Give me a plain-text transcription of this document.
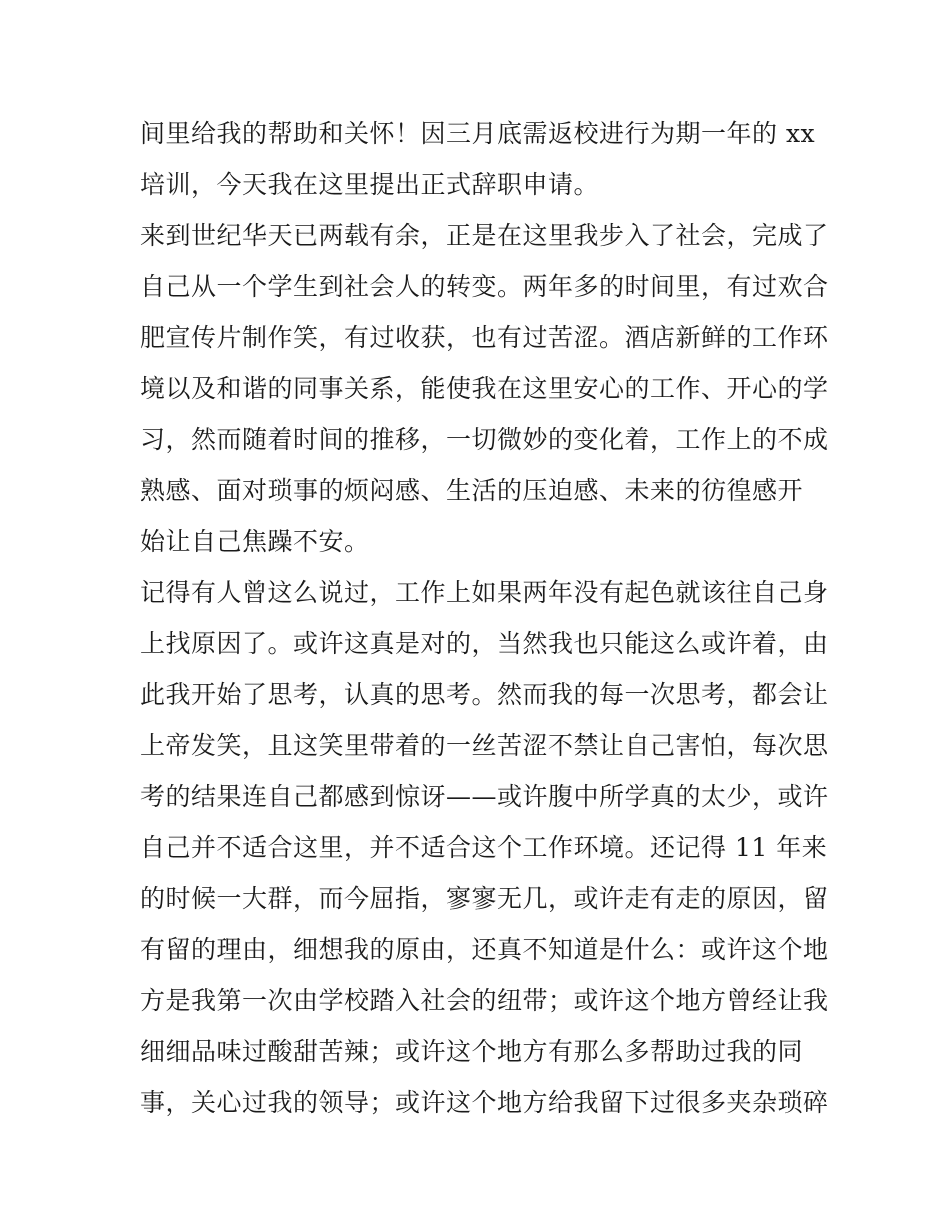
间里给我的帮助和关怀！因三月底需返校进行为期一年的 xx
培训，今天我在这里提出正式辞职申请。
来到世纪华天已两载有余，正是在这里我步入了社会，完成了
自己从一个学生到社会人的转变。两年多的时间里，有过欢合
肥宣传片制作笑，有过收获，也有过苦涩。酒店新鲜的工作环
境以及和谐的同事关系，能使我在这里安心的工作、开心的学
习，然而随着时间的推移，一切微妙的变化着，工作上的不成
熟感、面对琐事的烦闷感、生活的压迫感、未来的彷徨感开
始让自己焦躁不安。
记得有人曾这么说过，工作上如果两年没有起色就该往自己身
上找原因了。或许这真是对的，当然我也只能这么或许着，由
此我开始了思考，认真的思考。然而我的每一次思考，都会让
上帝发笑，且这笑里带着的一丝苦涩不禁让自己害怕，每次思
考的结果连自己都感到惊讶——或许腹中所学真的太少，或许
自己并不适合这里，并不适合这个工作环境。还记得 11 年来
的时候一大群，而今屈指，寥寥无几，或许走有走的原因，留
有留的理由，细想我的原由，还真不知道是什么：或许这个地
方是我第一次由学校踏入社会的纽带；或许这个地方曾经让我
细细品味过酸甜苦辣；或许这个地方有那么多帮助过我的同
事，关心过我的领导；或许这个地方给我留下过很多夹杂琐碎
